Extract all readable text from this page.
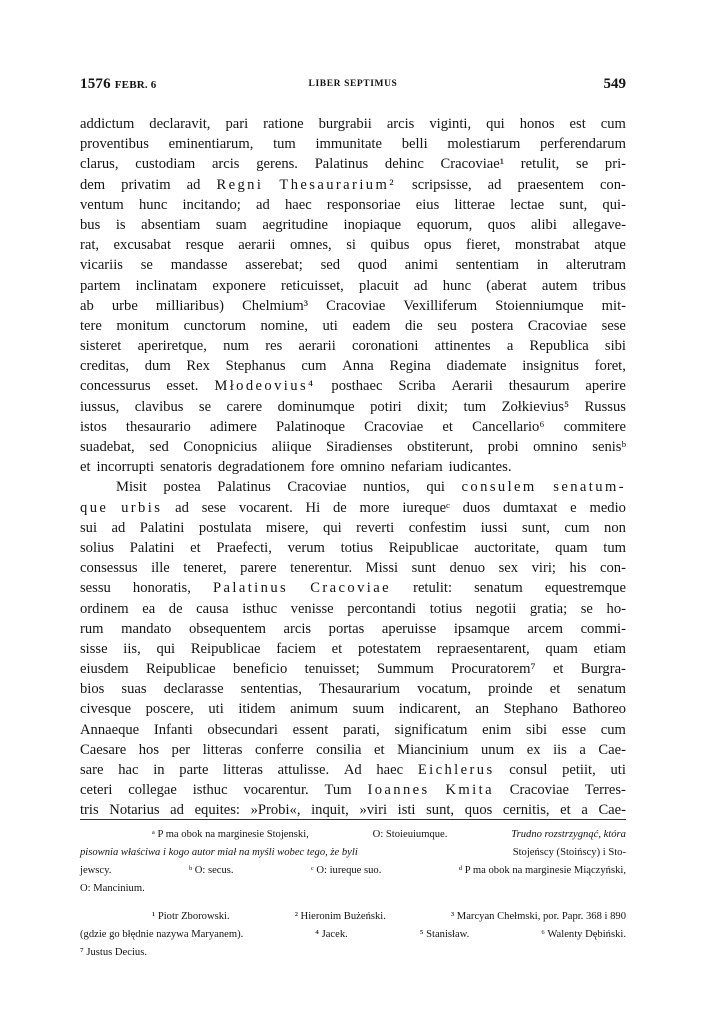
1576 FEBR. 6	LIBER SEPTIMUS	549
addictum declaravit, pari ratione burgrabii arcis viginti, qui honos est cum
proventibus eminentiarum, tum immunitate belli molestiarum perferendarum
clarus, custodiam arcis gerens. Palatinus dehinc Cracoviae¹ retulit, se pri-
dem privatim ad Regni Thesaurarium² scripsisse, ad praesentem con-
ventum hunc incitando; ad haec responsoriae eius litterae lectae sunt, qui-
bus is absentiam suam aegritudine inopiaque equorum, quos alibi allegave-
rat, excusabat resque aerarii omnes, si quibus opus fieret, monstrabat atque
vicariis se mandasse asserebat; sed quod animi sententiam in alterutram
partem inclinatam exponere reticuisset, placuit ad hunc (aberat autem tribus
ab urbe milliaribus) Chelmium³ Cracoviae Vexilliferum Stoienniumque mit-
tere monitum cunctorum nomine, uti eadem die seu postera Cracoviae sese
sisteret aperiretque, num res aerarii coronationi attinentes a Republica sibi
creditas, dum Rex Stephanus cum Anna Regina diademate insignitus foret,
concessurus esset. Młodeovius⁴ posthaec Scriba Aerarii thesaurum aperire
iussus, clavibus se carere dominumque potiri dixit; tum Zołkievius⁵ Russus
istos thesaurario adimere Palatinoque Cracoviae et Cancellario⁶ commitere
suadebat, sed Conopnicius aliique Siradienses obstiterunt, probi omnino senisᵇ
et incorrupti senatoris degradationem fore omnino nefariam iudicantes.
Misit postea Palatinus Cracoviae nuntios, qui consulem senatum-
que urbis ad sese vocarent. Hi de more iurequeᶜ duos dumtaxat e medio
sui ad Palatini postulata misere, qui reverti confestim iussi sunt, cum non
solius Palatini et Praefecti, verum totius Reipublicae auctoritate, quam tum
consessus ille teneret, parere tenerentur. Missi sunt denuo sex viri; his con-
sessu honoratis, Palatinus Cracoviae retulit: senatum equestremque
ordinem ea de causa isthuc venisse percontandi totius negotii gratia; se ho-
rum mandato obsequentem arcis portas aperuisse ipsamque arcem commi-
sisse iis, qui Reipublicae faciem et potestatem repraesentarent, quam etiam
eiusdem Reipublicae beneficio tenuisset; Summum Procuratorem⁷ et Burgra-
bios suas declarasse sententias, Thesaurarium vocatum, proinde et senatum
civesque poscere, uti itidem animum suum indicarent, an Stephano Bathoreo
Annaeque Infanti obsecundari essent parati, significatum enim sibi esse cum
Caesare hos per litteras conferre consilia et Miancinium unum ex iis a Cae-
sare hac in parte litteras attulisse. Ad haec Eichlerus consul petiit, uti
ceteri collegae isthuc vocarentur. Tum Ioannes Kmita Cracoviae Terres-
tris Notarius ad equites: »Probi«, inquit, »viri isti sunt, quos cernitis, et a Cae-
ᵃ P ma obok na marginesie Stojenski,	O: Stoieuiumque.	Trudno rozstrzygnąć, która
pisownia właściwa i kogo autor miał na myśli wobec tego, że byli	Stojeńscy (Stoińscy) i Sto-
jewscy.	ᵇ O: secus.	ᶜ O: iureque suo.	ᵈ P ma obok na marginesie Miączyński,
O: Mancinium.
¹ Piotr Zborowski.	² Hieronim Bużeński.	³ Marcyan Chełmski, por. Papr. 368 i 890
(gdzie go błędnie nazywa Maryanem).	⁴ Jacek.	⁵ Stanisław.	⁶ Walenty Dębiński.
⁷ Justus Decius.
